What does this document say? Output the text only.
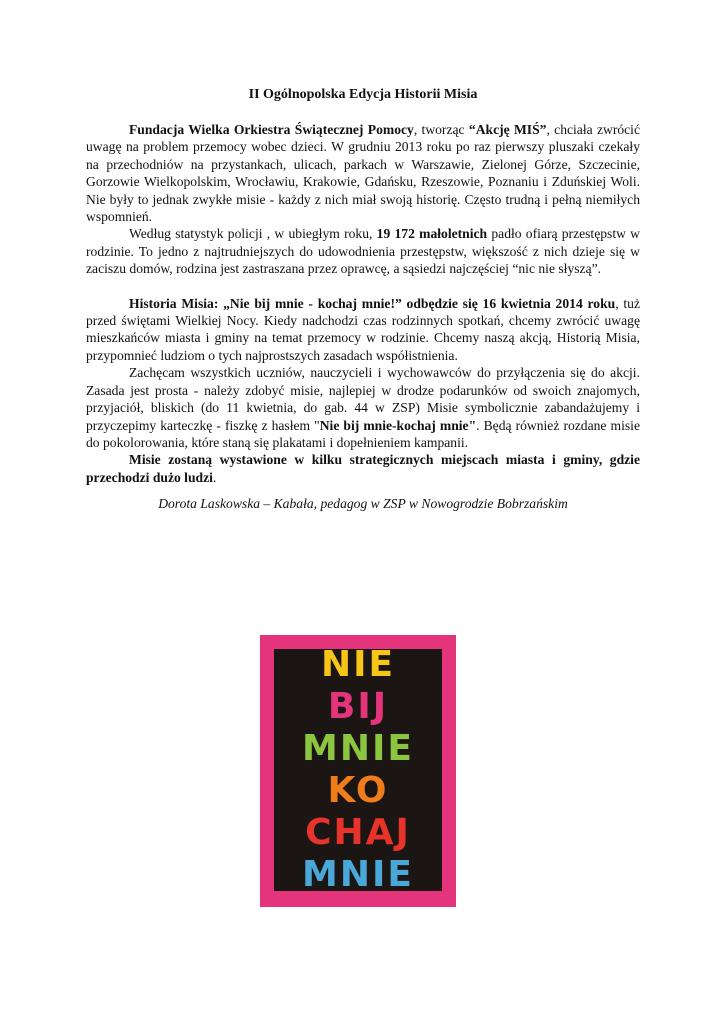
II Ogólnopolska Edycja Historii Misia

Fundacja Wielka Orkiestra Świątecznej Pomocy, tworząc “Akcję MIŚ”, chciała zwrócić uwagę na problem przemocy wobec dzieci. W grudniu 2013 roku po raz pierwszy pluszaki czekały na przechodniów na przystankach, ulicach, parkach w Warszawie, Zielonej Górze, Szczecinie, Gorzowie Wielkopolskim, Wrocławiu, Krakowie, Gdańsku, Rzeszowie, Poznaniu i Zduńskiej Woli. Nie były to jednak zwykłe misie - każdy z nich miał swoją historię. Często trudną i pełną niemiłych wspomnień.

Według statystyk policji , w ubiegłym roku, 19 172 małoletnich padło ofiarą przestępstw w rodzinie. To jedno z najtrudniejszych do udowodnienia przestępstw, większość z nich dzieje się w zaciszu domów, rodzina jest zastraszana przez oprawcę, a sąsiedzi najczęściej “nic nie słyszą”.

Historia Misia: „Nie bij mnie - kochaj mnie!” odbędzie się 16 kwietnia 2014 roku, tuż przed świętami Wielkiej Nocy. Kiedy nadchodzi czas rodzinnych spotkań, chcemy zwrócić uwagę mieszkańców miasta i gminy na temat przemocy w rodzinie. Chcemy naszą akcją, Historią Misia, przypomnieć ludziom o tych najprostszych zasadach współistnienia.

Zachęcam wszystkich uczniów, nauczycieli i wychowawców do przyłączenia się do akcji. Zasada jest prosta - należy zdobyć misie, najlepiej w drodze podarunków od swoich znajomych, przyjaciół, bliskich (do 11 kwietnia, do gab. 44 w ZSP) Misie symbolicznie zabandażujemy i przyczepimy karteczkę - fiszkę z hasłem "Nie bij mnie-kochaj mnie". Będą również rozdane misie do pokolorowania, które staną się plakatami i dopełnieniem kampanii.

Misie zostaną wystawione w kilku strategicznych miejscach miasta i gminy, gdzie przechodzi dużo ludzi.

Dorota Laskowska – Kabała, pedagog w ZSP w Nowogrodzie Bobrzańskim

NIE
BIJ
MNIE
KO
CHAJ
MNIE
